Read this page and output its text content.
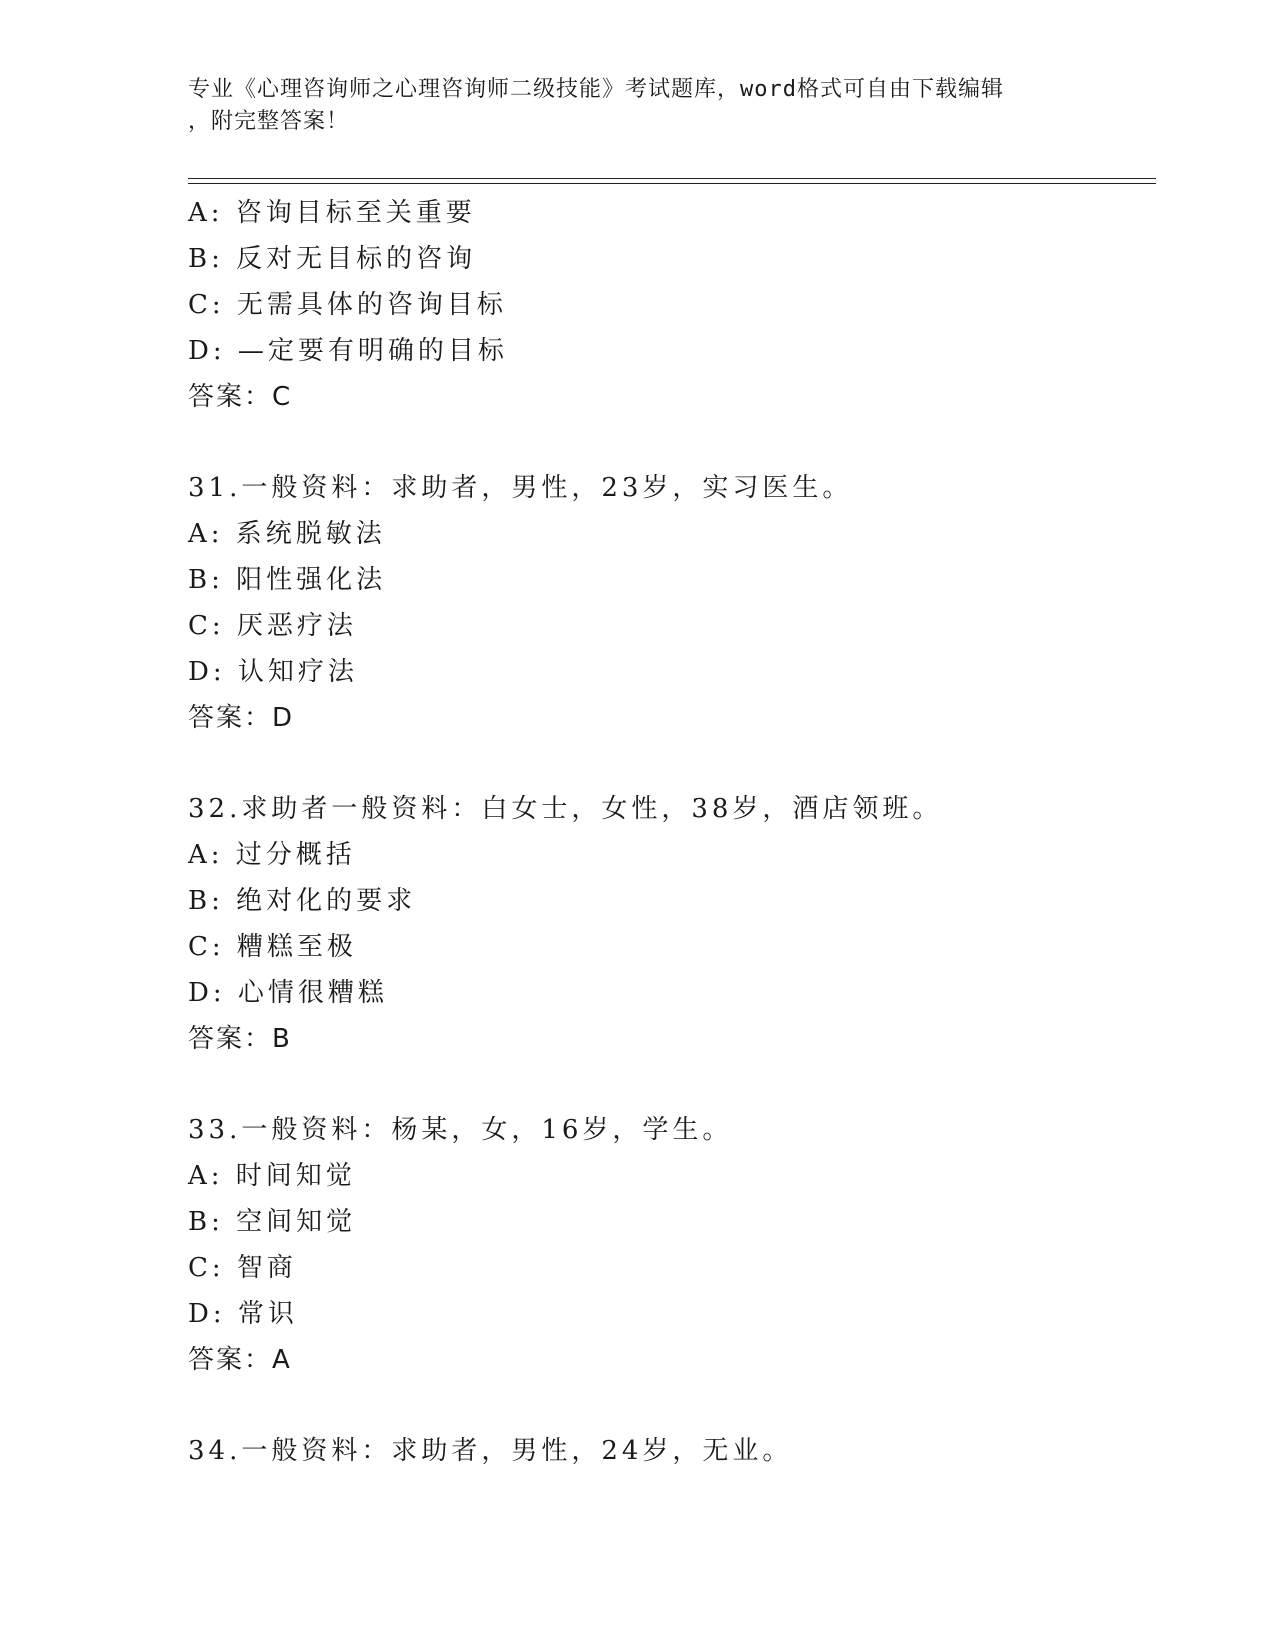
专业《心理咨询师之心理咨询师二级技能》考试题库，word格式可自由下载编辑
，附完整答案！
A: 咨询目标至关重要
B: 反对无目标的咨询
C: 无需具体的咨询目标
D: —定要有明确的目标
答案：C
31.一般资料：求助者，男性，23岁，实习医生。
A: 系统脱敏法
B: 阳性强化法
C: 厌恶疗法
D: 认知疗法
答案：D
32.求助者一般资料：白女士，女性，38岁，酒店领班。
A: 过分概括
B: 绝对化的要求
C: 糟糕至极
D: 心情很糟糕
答案：B
33.一般资料：杨某，女，16岁，学生。
A: 时间知觉
B: 空间知觉
C: 智商
D: 常识
答案：A
34.一般资料：求助者，男性，24岁，无业。
